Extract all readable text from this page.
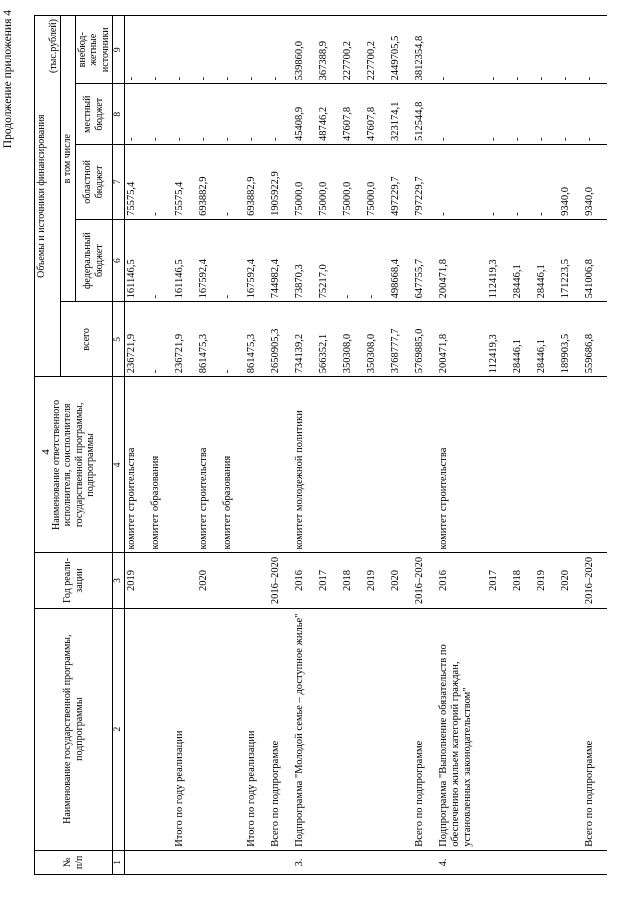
4
Продолжение приложения 4
№ п/п	Наименование государственной программы, подпрограммы	Год реали-зации	Наименование ответственного исполнителя, соисполнителя государственной программы, подпрограммы	Объемы и источники финансирования
(тыс.рублей)				

				всего	в том числе			
					федеральный бюджет	областной бюджет	местный бюджет	внебюд-жетные источники
1	2	3	4	5	6	7	8	9
		2019	комитет строительства	236721,9	161146,5	75575,4	-	-
			комитет образования	-	-	-	-	-
	Итого по году реализации			236721,9	161146,5	75575,4	-	-
		2020	комитет строительства	861475,3	167592,4	693882,9	-	-
			комитет образования	-	-	-	-	-
	Итого по году реализации			861475,3	167592,4	693882,9	-	-
	Всего по подпрограмме	2016–2020		2650905,3	744982,4	1905922,9	-	-
3.	Подпрограмма "Молодой семье – доступное жилье"	2016	комитет молодежной политики	734139,2	73870,3	75000,0	45408,9	539860,0
		2017		566352,1	75217,0	75000,0	48746,2	367388,9
		2018		350308,0	-	75000,0	47607,8	227700,2
		2019		350308,0	-	75000,0	47607,8	227700,2
		2020		3768777,7	498668,4	497229,7	323174,1	2449705,5
	Всего по подпрограмме	2016–2020		5769885,0	647755,7	797229,7	512544,8	3812354,8
4.	Подпрограмма "Выполнение обязательств по обеспечению жильем категорий граждан, установленных законодательством"	2016	комитет строительства	200471,8	200471,8	-	-	-
		2017		112419,3	112419,3	-	-	-
		2018		28446,1	28446,1	-	-	-
		2019		28446,1	28446,1	-	-	-
		2020		189903,5	171223,5	9340,0	-	-
	Всего по подпрограмме	2016–2020		559686,8	541006,8	9340,0	-	-
